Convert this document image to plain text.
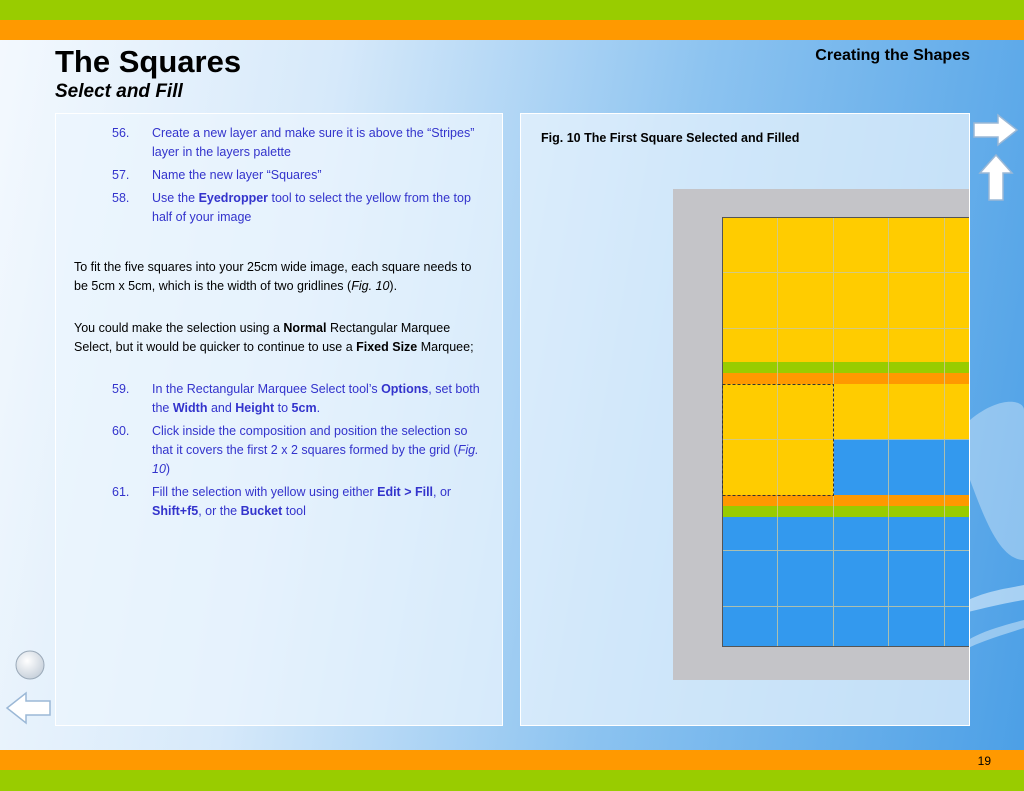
The Squares
Select and Fill
Creating the Shapes
56. Create a new layer and make sure it is above the “Stripes” layer in the layers palette
57. Name the new layer “Squares”
58. Use the Eyedropper tool to select the yellow from the top half of your image

To fit the five squares into your 25cm wide image, each square needs to be 5cm x 5cm, which is the width of two gridlines (Fig. 10).

You could make the selection using a Normal Rectangular Marquee Select, but it would be quicker to continue to use a Fixed Size Marquee;

59. In the Rectangular Marquee Select tool’s Options, set both the Width and Height to 5cm.
60. Click inside the composition and position the selection so that it covers the first 2 x 2 squares formed by the grid (Fig. 10)
61. Fill the selection with yellow using either Edit > Fill, or Shift+f5, or the Bucket tool
Fig. 10 The First Square Selected and Filled
19
